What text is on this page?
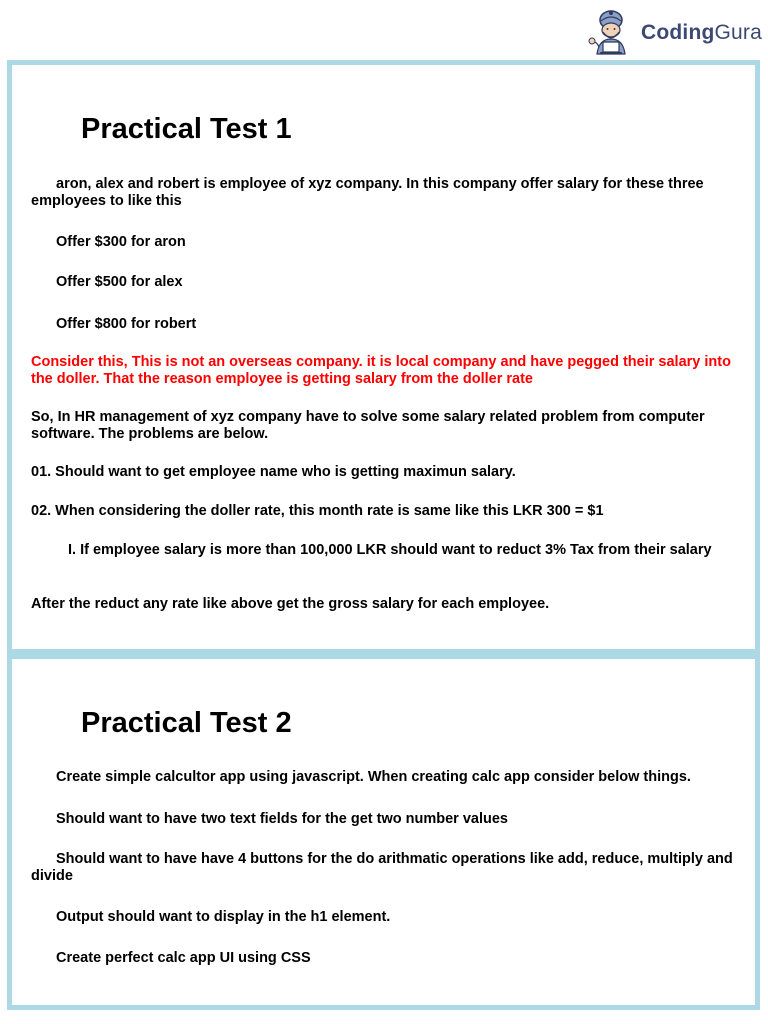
CodingGura
Practical Test 1

aron, alex and robert is employee of xyz company. In this company offer salary for these three employees to like this

Offer $300 for aron

Offer $500 for alex

Offer $800 for robert

Consider this, This is not an overseas company. it is local company and have pegged their salary into the doller. That the reason employee is getting salary from the doller rate

So, In HR management of xyz company have to solve some salary related problem from computer software. The problems are below.

01. Should want to get employee name who is getting maximun salary.

02. When considering the doller rate, this month rate is same like this LKR 300 = $1

I. If employee salary is more than 100,000 LKR should want to reduct 3% Tax from their salary

After the reduct any rate like above get the gross salary for each employee.

Practical Test 2

Create simple calcultor app using javascript. When creating calc app consider below things.

Should want to have two text fields for the get two number values

Should want to have have 4 buttons for the do arithmatic operations like add, reduce, multiply and divide

Output should want to display in the h1 element.

Create perfect calc app UI using CSS
